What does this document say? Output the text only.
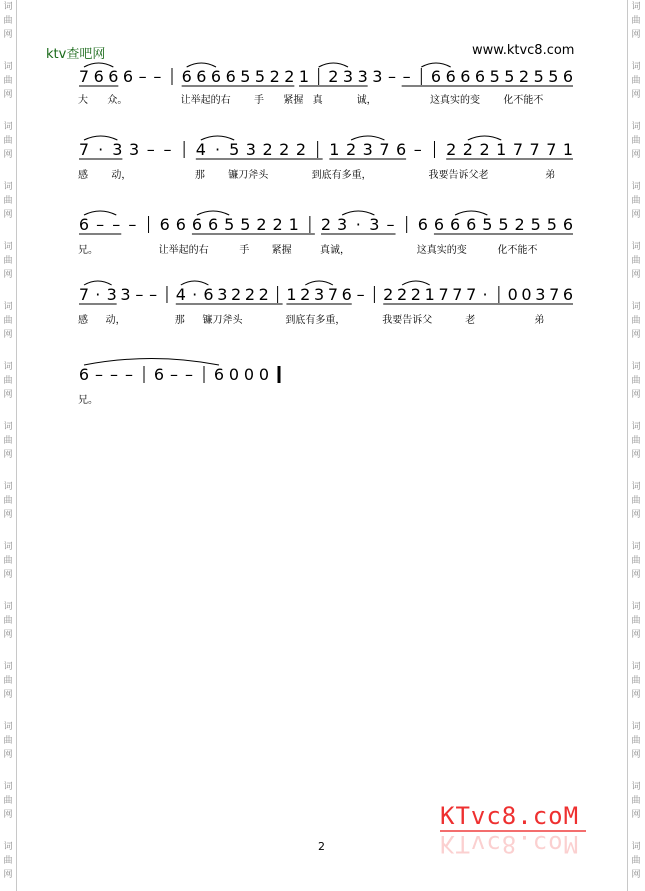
词
曲
网
词
曲
网
词
曲
网
词
曲
网
词
曲
网
词
曲
网
词
曲
网
词
曲
网
词
曲
网
词
曲
网
词
曲
网
词
曲
网
词
曲
网
词
曲
网
词
曲
网
词
曲
网
词
曲
网
词
曲
网
词
曲
网
词
曲
网
词
曲
网
词
曲
网
词
曲
网
词
曲
网
词
曲
网
词
曲
网
词
曲
网
词
曲
网
词
曲
网
词
曲
网
ktv查吧网	www.ktvc8.com
7 6 6 6 – – 6 6 6 6 5 5 2 2 1 2 3 3 3 – – 6 6 6 6 5 5 2 5 5 6
大 众。	让举起的右 手 紧握 真	诚，	这真实的变 化不能不
7 · 3 3 – – 4 · 5 3 2 2 2 1 2 3 7 6 – 2 2 2 1 7 7 7 1
感 动，	那 镰刀斧头	到底有多重，	我要告诉父老	弟
6 – – – 6 6 6 6 5 5 2 2 1 2 3 · 3 – 6 6 6 6 5 5 2 5 5 6
兄。	让举起的右	手 紧握	真诚，	这真实的变	化不能不
7 · 3 3 – – 4 · 6 3 2 2 2 1 2 3 7 6 – 2 2 2 1 7 7 7 · 0 0 3 7 6
感 动，	那 镰刀斧头	到底有多重，	我要告诉父	老	弟
6 – – – 6 – – 6 0 0 0
兄。
2
KTvc8.coM
KTvc8.coM
